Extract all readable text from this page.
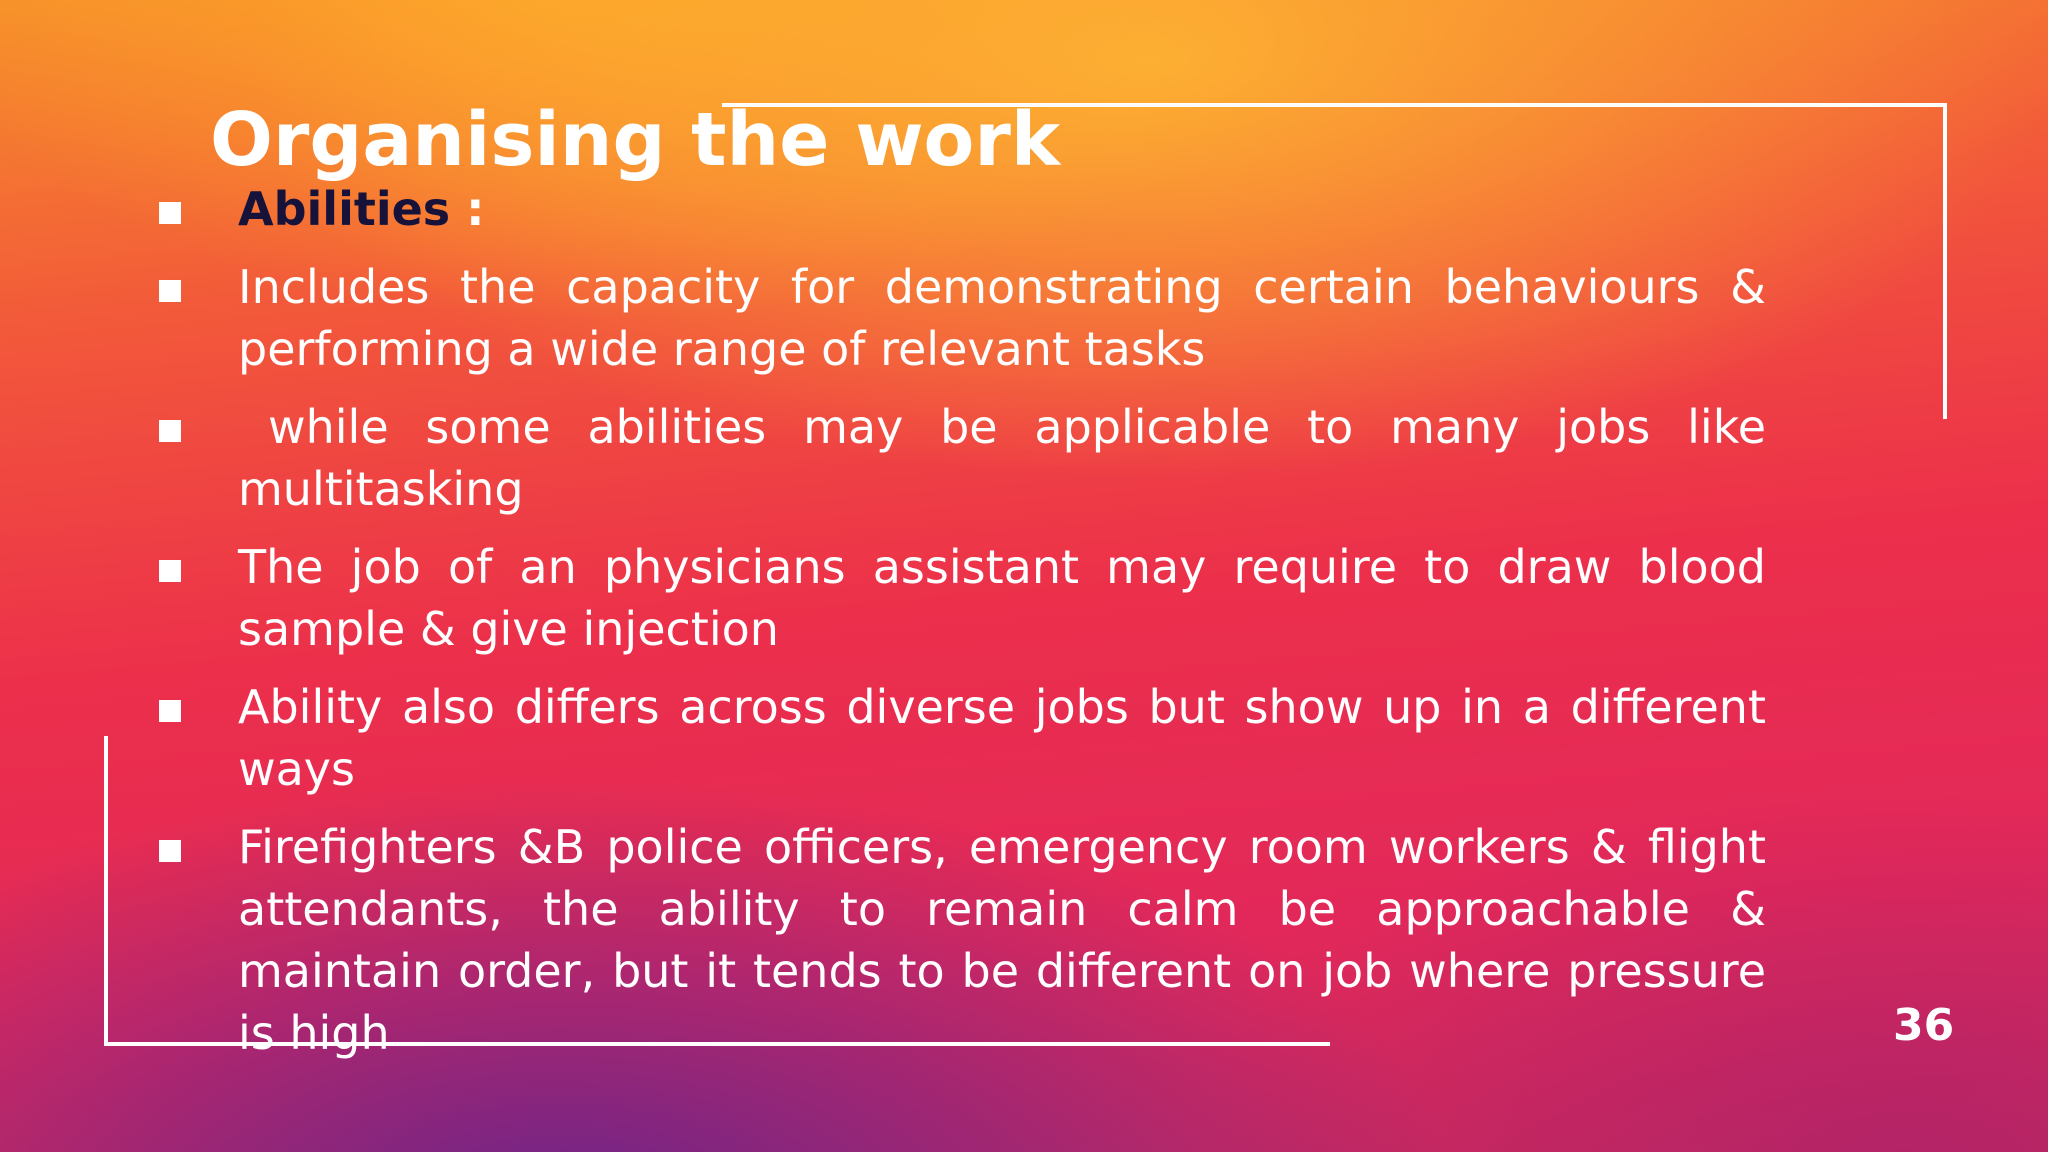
Organising the work
Abilities :
Includes the capacity for demonstrating certain behaviours & performing a wide range of relevant tasks
while some abilities may be applicable to many jobs like multitasking
The job of an physicians assistant may require to draw blood sample & give injection
Ability also differs across diverse jobs but show up in a different ways
Firefighters &B police officers, emergency room workers & flight attendants, the ability to remain calm be approachable & maintain order, but it tends to be different on job where pressure is high	36
